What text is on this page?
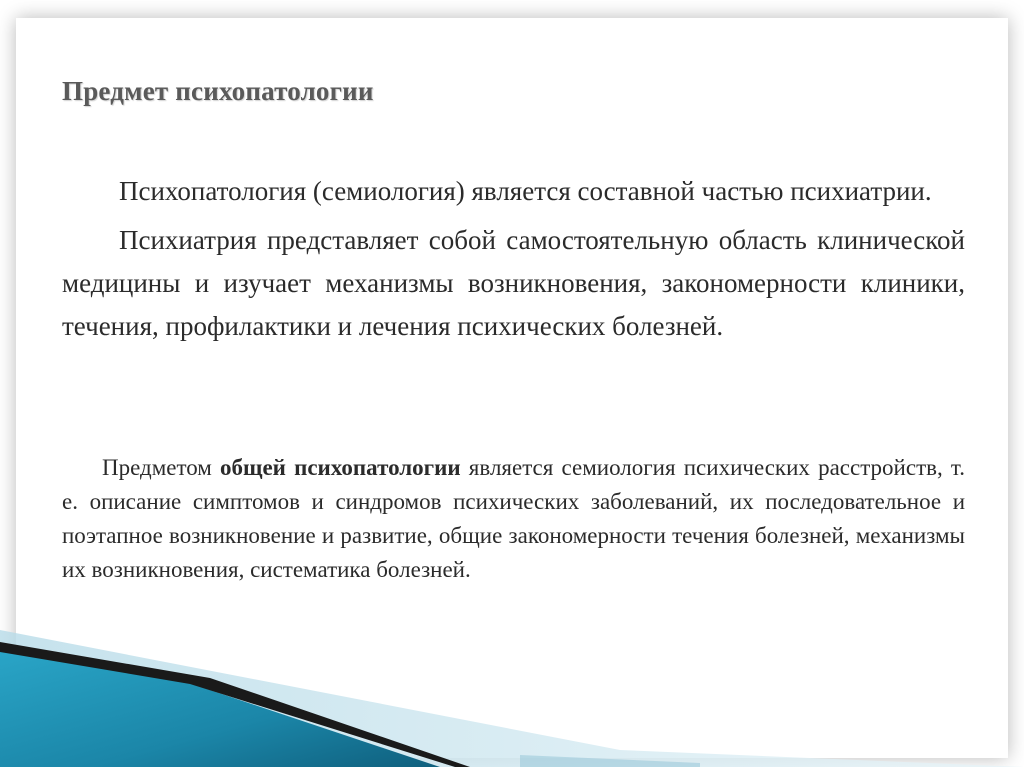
Предмет психопатологии

Психопатология (семиология) является составной частью психиатрии.

Психиатрия представляет собой самостоятельную область клинической медицины и изучает механизмы возникновения, закономерности клиники, течения, профилактики и лечения психических болезней.

Предметом общей психопатологии является семиология психических расстройств, т. е. описание симптомов и синдромов психических заболеваний, их последовательное и поэтапное возникновение и развитие, общие закономерности течения болезней, механизмы их возникновения, систематика болезней.
